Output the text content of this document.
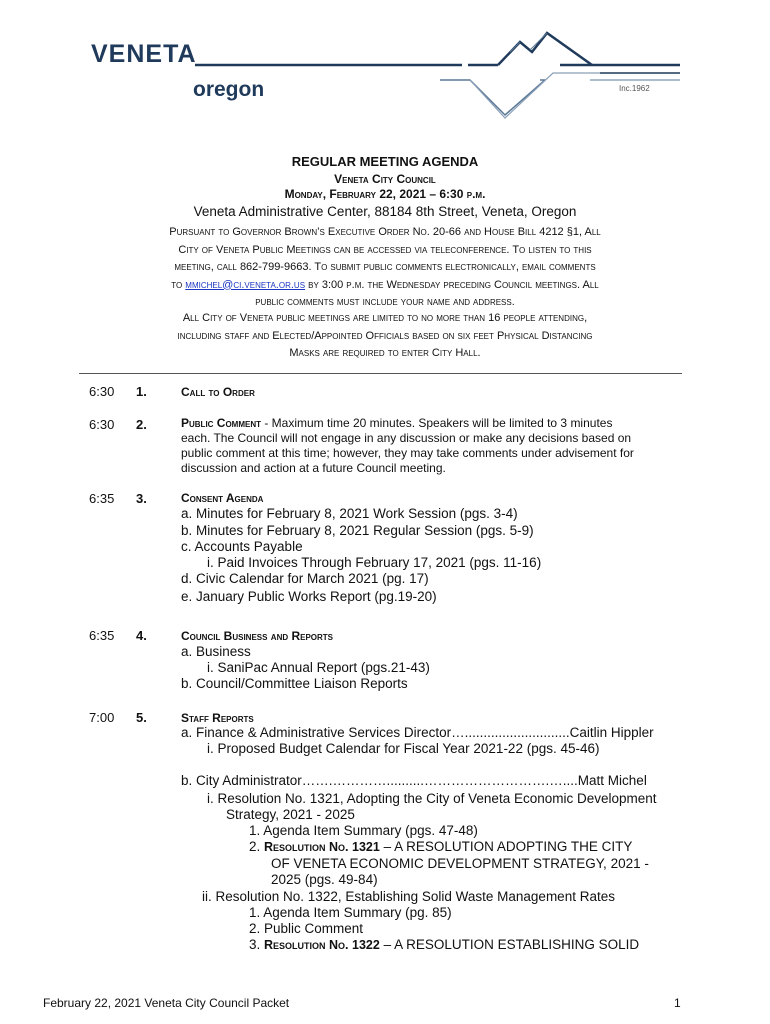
VENETA
oregon	Inc.1962
REGULAR MEETING AGENDA
Veneta City Council
Monday, February 22, 2021 – 6:30 p.m.
Veneta Administrative Center, 88184 8th Street, Veneta, Oregon
Pursuant to Governor Brown’s Executive Order No. 20-66 and House Bill 4212 §1, All
City of Veneta Public Meetings can be accessed via teleconference. To listen to this
meeting, call 862-799-9663. To submit public comments electronically, email comments
to mmichel@ci.veneta.or.us by 3:00 p.m. the Wednesday preceding Council meetings. All
public comments must include your name and address.
All City of Veneta public meetings are limited to no more than 16 people attending,
including staff and Elected/Appointed Officials based on six feet Physical Distancing
Masks are required to enter City Hall.
6:30 1.	Call to Order
6:30 2.	Public Comment - Maximum time 20 minutes. Speakers will be limited to 3 minutes
each. The Council will not engage in any discussion or make any decisions based on
public comment at this time; however, they may take comments under advisement for
discussion and action at a future Council meeting.
6:35 3.	Consent Agenda
a. Minutes for February 8, 2021 Work Session (pgs. 3-4)
b. Minutes for February 8, 2021 Regular Session (pgs. 5-9)
c. Accounts Payable
i. Paid Invoices Through February 17, 2021 (pgs. 11-16)
d. Civic Calendar for March 2021 (pg. 17)
e. January Public Works Report (pg.19-20)
6:35 4.	Council Business and Reports
a. Business
i. SaniPac Annual Report (pgs.21-43)
b. Council/Committee Liaison Reports
7:00 5.	Staff Reports
a. Finance & Administrative Services Director…............................Caitlin Hippler
i. Proposed Budget Calendar for Fiscal Year 2021-22 (pgs. 45-46)
b. City Administrator…….…………..........……………………….…....Matt Michel
i. Resolution No. 1321, Adopting the City of Veneta Economic Development
Strategy, 2021 - 2025
1. Agenda Item Summary (pgs. 47-48)
2. Resolution No. 1321 – A RESOLUTION ADOPTING THE CITY
OF VENETA ECONOMIC DEVELOPMENT STRATEGY, 2021 -
2025 (pgs. 49-84)
ii. Resolution No. 1322, Establishing Solid Waste Management Rates
1. Agenda Item Summary (pg. 85)
2. Public Comment
3. Resolution No. 1322 – A RESOLUTION ESTABLISHING SOLID
February 22, 2021 Veneta City Council Packet	1
